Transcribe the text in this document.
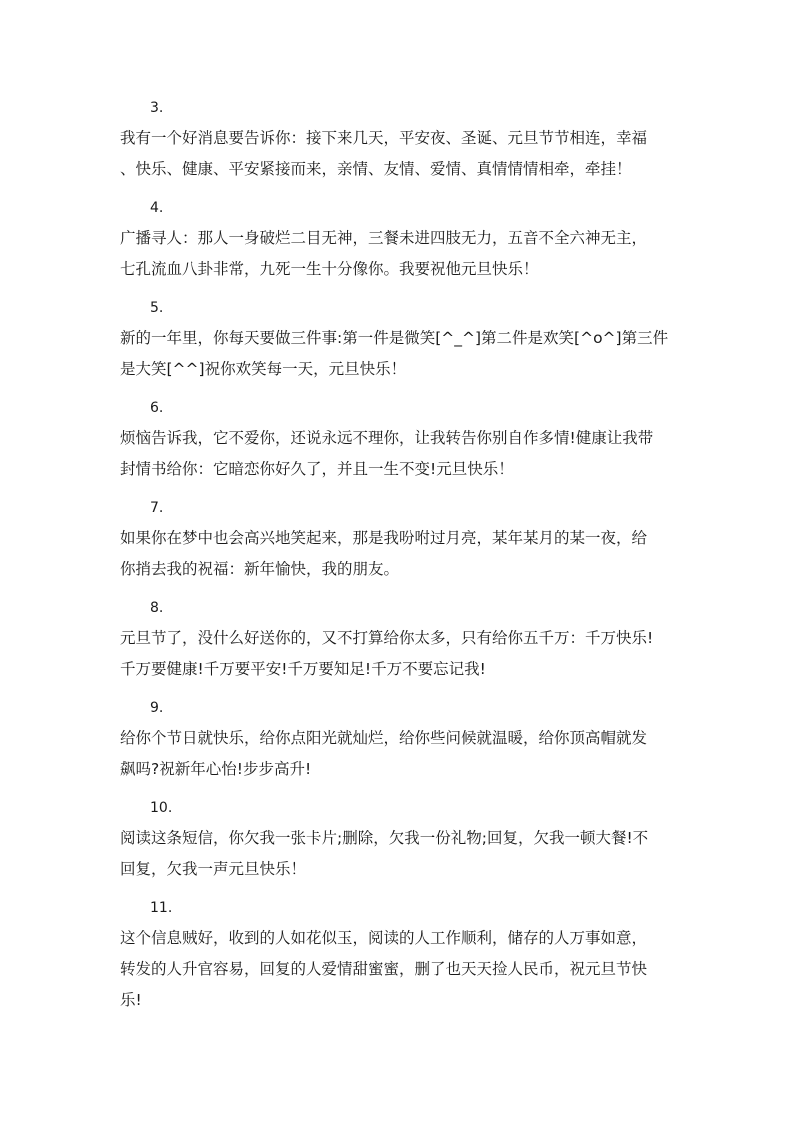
3.

我有一个好消息要告诉你：接下来几天，平安夜、圣诞、元旦节节相连，幸福
、快乐、健康、平安紧接而来，亲情、友情、爱情、真情情情相牵，牵挂！

4.

广播寻人：那人一身破烂二目无神，三餐未进四肢无力，五音不全六神无主，
七孔流血八卦非常，九死一生十分像你。我要祝他元旦快乐！

5.

新的一年里，你每天要做三件事:第一件是微笑[^_^]第二件是欢笑[^o^]第三件
是大笑[^^]祝你欢笑每一天，元旦快乐！

6.

烦恼告诉我，它不爱你，还说永远不理你，让我转告你别自作多情!健康让我带
封情书给你：它暗恋你好久了，并且一生不变!元旦快乐！

7.

如果你在梦中也会高兴地笑起来，那是我吩咐过月亮，某年某月的某一夜，给
你捎去我的祝福：新年愉快，我的朋友。

8.

元旦节了，没什么好送你的，又不打算给你太多，只有给你五千万：千万快乐!
千万要健康!千万要平安!千万要知足!千万不要忘记我!

9.

给你个节日就快乐，给你点阳光就灿烂，给你些问候就温暖，给你顶高帽就发
飙吗?祝新年心怡!步步高升!

10.

阅读这条短信，你欠我一张卡片;删除，欠我一份礼物;回复，欠我一顿大餐!不
回复，欠我一声元旦快乐！

11.

这个信息贼好，收到的人如花似玉，阅读的人工作顺利，储存的人万事如意，
转发的人升官容易，回复的人爱情甜蜜蜜，删了也天天捡人民币，祝元旦节快
乐!
